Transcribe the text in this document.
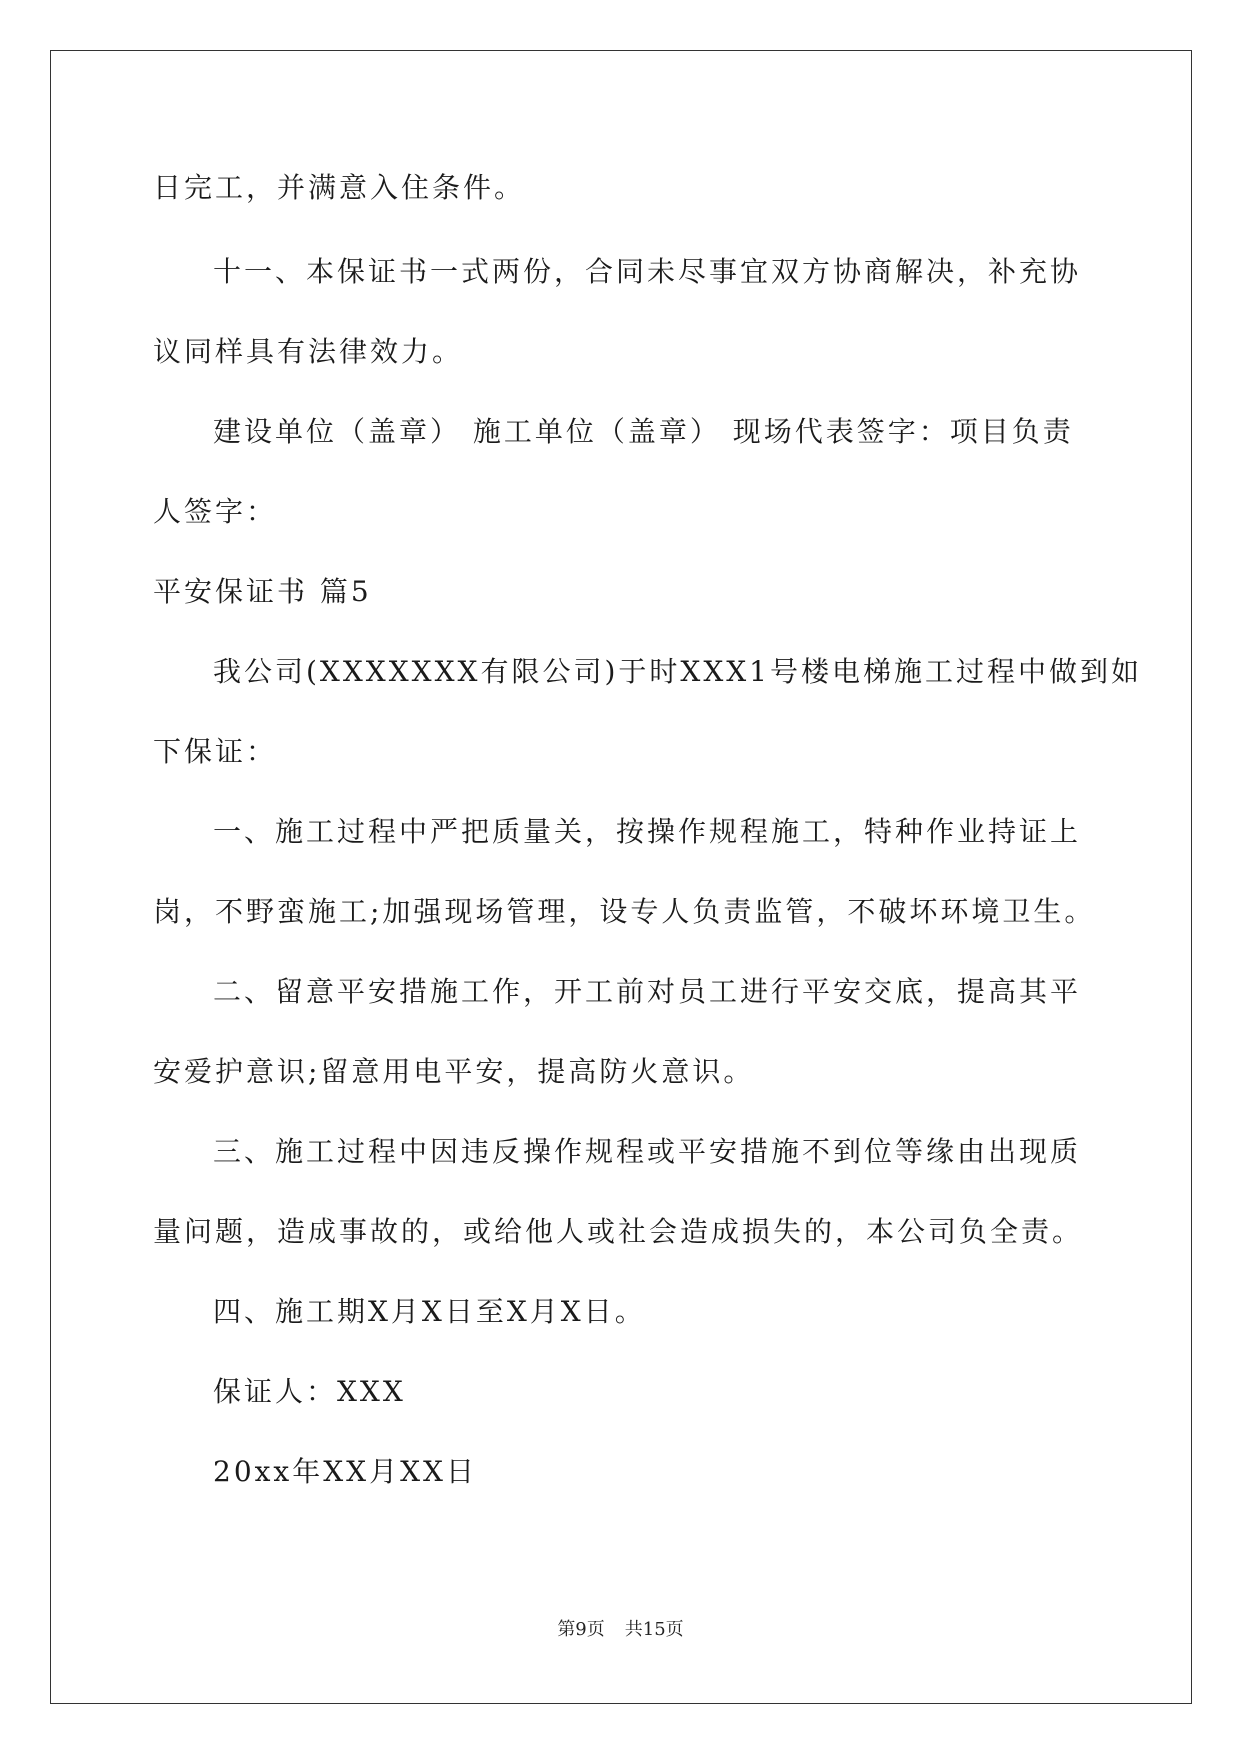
日完工，并满意入住条件。
十一、本保证书一式两份，合同未尽事宜双方协商解决，补充协
议同样具有法律效力。
建设单位（盖章） 施工单位（盖章） 现场代表签字：项目负责
人签字：
平安保证书 篇5
我公司(XXXXXXX有限公司)于时XXX1号楼电梯施工过程中做到如
下保证：
一、施工过程中严把质量关，按操作规程施工，特种作业持证上
岗，不野蛮施工;加强现场管理，设专人负责监管，不破坏环境卫生。
二、留意平安措施工作，开工前对员工进行平安交底，提高其平
安爱护意识;留意用电平安，提高防火意识。
三、施工过程中因违反操作规程或平安措施不到位等缘由出现质
量问题，造成事故的，或给他人或社会造成损失的，本公司负全责。
四、施工期X月X日至X月X日。
保证人：XXX
20xx年XX月XX日
第9页 共15页
